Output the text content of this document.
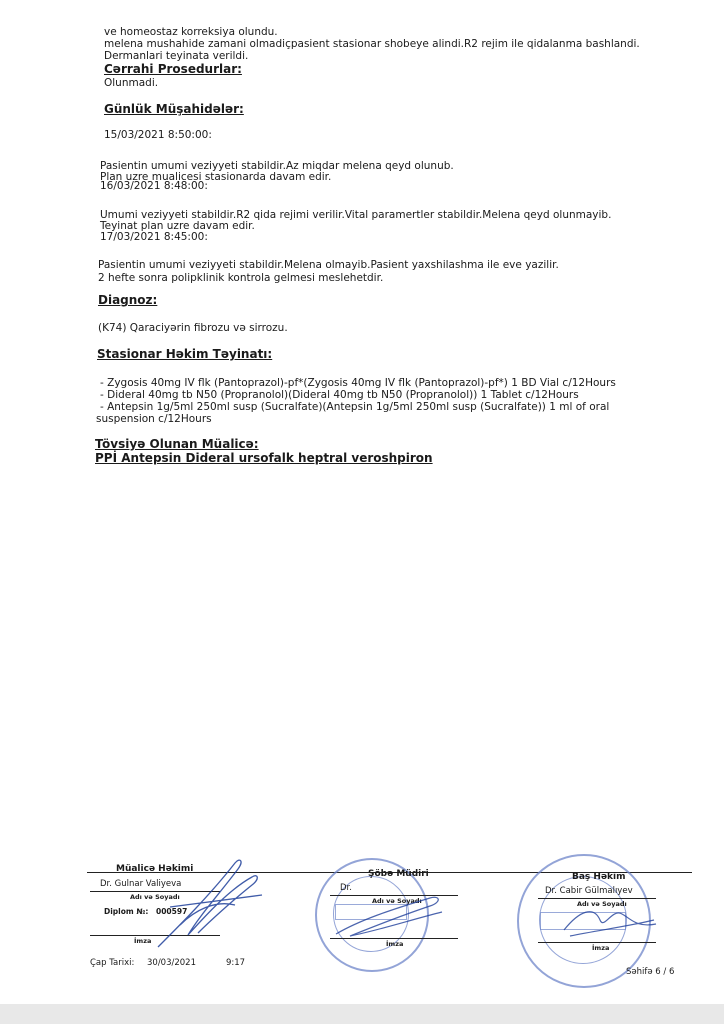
ve homeostaz korreksiya olundu.
melena mushahide zamani olmadiçpasient stasionar shobeye alindi.R2 rejim ile qidalanma bashlandi.
Dermanlari teyinata verildi.
Cərrahi Prosedurlar:
Olunmadi.
Günlük Müşahidələr:
15/03/2021 8:50:00:
Pasientin umumi veziyyeti stabildir.Az miqdar melena qeyd olunub.
Plan uzre mualicesi stasionarda davam edir.
16/03/2021 8:48:00:
Umumi veziyyeti stabildir.R2 qida rejimi verilir.Vital paramertler stabildir.Melena qeyd olunmayib.
Teyinat plan uzre davam edir.
17/03/2021 8:45:00:
Pasientin umumi veziyyeti stabildir.Melena olmayib.Pasient yaxshilashma ile eve yazilir.
2 hefte sonra polipklinik kontrola gelmesi meslehetdir.
Diagnoz:
(K74) Qaraciyərin fibrozu və sirrozu.
Stasionar Həkim Təyinatı:
- Zygosis 40mg IV flk (Pantoprazol)-pf*(Zygosis 40mg IV flk (Pantoprazol)-pf*) 1 BD Vial c/12Hours
- Dideral 40mg tb N50 (Propranolol)(Dideral 40mg tb N50 (Propranolol)) 1 Tablet c/12Hours
- Antepsin 1g/5ml 250ml susp (Sucralfate)(Antepsin 1g/5ml 250ml susp (Sucralfate)) 1 ml of oral
suspension c/12Hours
Tövsiyə Olunan Müalicə:
PPİ Antepsin Dideral ursofalk heptral veroshpiron
Müalicə Həkimi
Dr. Gulnar Valiyeva
Adı və Soyadı
Diplom №: 000597
İmza
Çap Tarixi: 30/03/2021	9:17
Şöbə Müdiri
Dr.
Adı və Soyadı
İmza
Baş Həkim
Dr. Cabir Gülmalıyev
Adı və Soyadı
İmza
Səhifə 6 / 6
